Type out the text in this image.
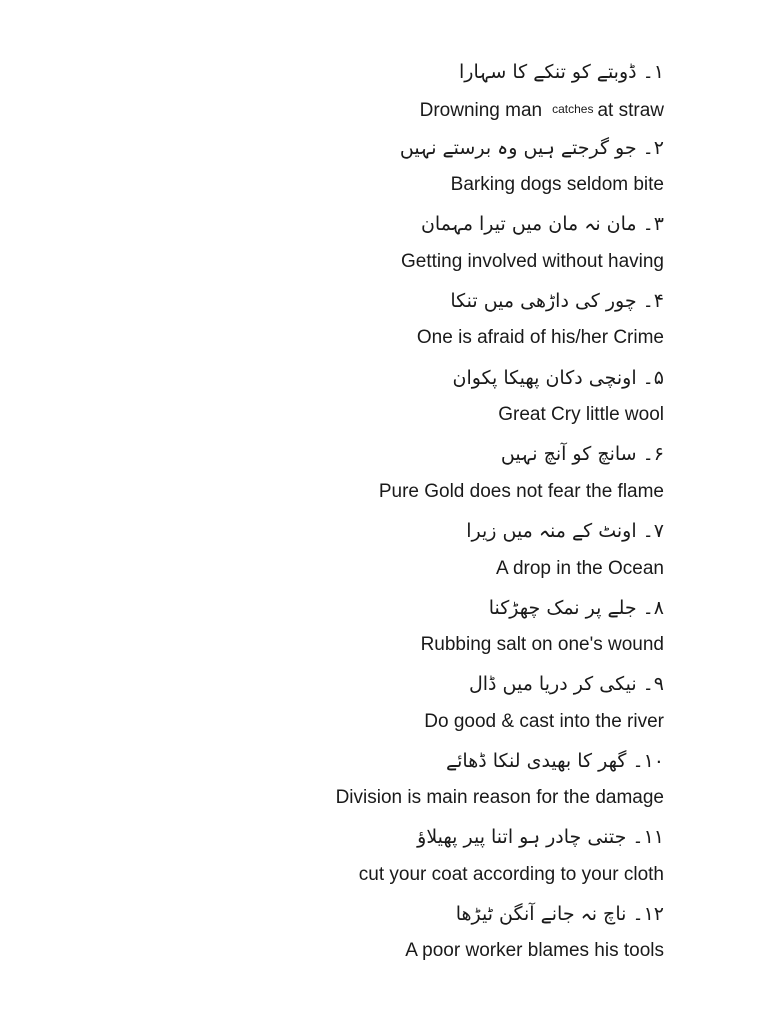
۱۔ ڈوبتے کو تنکے کا سہارا
Drowning man catches at straw
۲۔ جو گرجتے ہیں وہ برستے نہیں
Barking dogs seldom bite
۳۔ مان نہ مان میں تیرا مہمان
Getting involved without having
۴۔ چور کی داڑھی میں تنکا
One is afraid of his/her Crime
۵۔ اونچی دکان پھیکا پکوان
Great Cry little wool
۶۔ سانچ کو آنچ نہیں
Pure Gold does not fear the flame
۷۔ اونٹ کے منہ میں زیرا
A drop in the Ocean
۸۔ جلے پر نمک چھڑکنا
Rubbing salt on one's wound
۹۔ نیکی کر دریا میں ڈال
Do good & cast into the river
۱۰۔ گھر کا بھیدی لنکا ڈھائے
Division is main reason for the damage
۱۱۔ جتنی چادر ہو اتنا پیر پھیلاؤ
cut your coat according to your cloth
۱۲۔ ناچ نہ جانے آنگن ٹیڑھا
A poor worker blames his tools
